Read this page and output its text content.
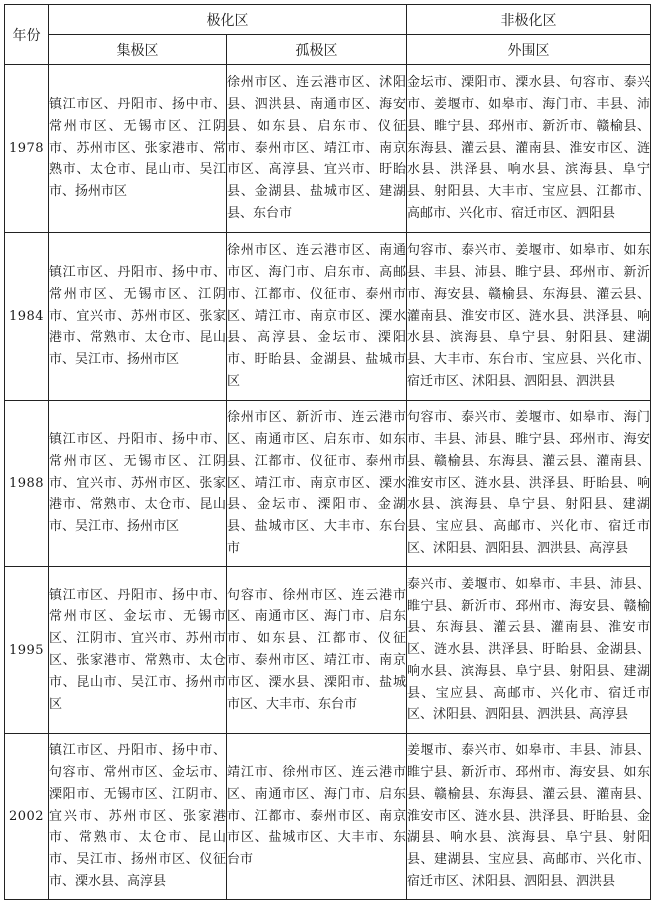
年份	极化区		非极化区
	集极区	孤极区	外围区
1978	镇江市区、丹阳市、扬中市、常州市区、无锡市区、江阴市、苏州市区、张家港市、常熟市、太仓市、昆山市、吴江市、扬州市区	徐州市区、连云港市区、沭阳县、泗洪县、南通市区、海安县、如东县、启东市、仪征市、泰州市区、靖江市、南京市区、高淳县、宜兴市、盱眙县、金湖县、盐城市区、建湖县、东台市	金坛市、溧阳市、溧水县、句容市、泰兴市、姜堰市、如皋市、海门市、丰县、沛县、睢宁县、邳州市、新沂市、赣榆县、东海县、灌云县、灌南县、淮安市区、涟水县、洪泽县、响水县、滨海县、阜宁县、射阳县、大丰市、宝应县、江都市、高邮市、兴化市、宿迁市区、泗阳县
1984	镇江市区、丹阳市、扬中市、常州市区、无锡市区、江阴市、宜兴市、苏州市区、张家港市、常熟市、太仓市、昆山市、吴江市、扬州市区	徐州市区、连云港市区、南通市区、海门市、启东市、高邮市、江都市、仪征市、泰州市区、靖江市、南京市区、溧水县、高淳县、金坛市、溧阳市、盱眙县、金湖县、盐城市区	句容市、泰兴市、姜堰市、如皋市、如东县、丰县、沛县、睢宁县、邳州市、新沂市、海安县、赣榆县、东海县、灌云县、灌南县、淮安市区、涟水县、洪泽县、响水县、滨海县、阜宁县、射阳县、建湖县、大丰市、东台市、宝应县、兴化市、宿迁市区、沭阳县、泗阳县、泗洪县
1988	镇江市区、丹阳市、扬中市、常州市区、无锡市区、江阴市、宜兴市、苏州市区、张家港市、常熟市、太仓市、昆山市、吴江市、扬州市区	徐州市区、新沂市、连云港市区、南通市区、启东市、如东县、江都市、仪征市、泰州市区、靖江市、南京市区、溧水县、金坛市、溧阳市、金湖县、盐城市区、大丰市、东台市	句容市、泰兴市、姜堰市、如皋市、海门市、丰县、沛县、睢宁县、邳州市、海安县、赣榆县、东海县、灌云县、灌南县、淮安市区、涟水县、洪泽县、盱眙县、响水县、滨海县、阜宁县、射阳县、建湖县、宝应县、高邮市、兴化市、宿迁市区、沭阳县、泗阳县、泗洪县、高淳县
1995	镇江市区、丹阳市、扬中市、常州市区、金坛市、无锡市区、江阴市、宜兴市、苏州市区、张家港市、常熟市、太仓市、昆山市、吴江市、扬州市区	句容市、徐州市区、连云港市区、南通市区、海门市、启东市、如东县、江都市、仪征市、泰州市区、靖江市、南京市区、溧水县、溧阳市、盐城市区、大丰市、东台市	泰兴市、姜堰市、如皋市、丰县、沛县、睢宁县、新沂市、邳州市、海安县、赣榆县、东海县、灌云县、灌南县、淮安市区、涟水县、洪泽县、盱眙县、金湖县、响水县、滨海县、阜宁县、射阳县、建湖县、宝应县、高邮市、兴化市、宿迁市区、沭阳县、泗阳县、泗洪县、高淳县
2002	镇江市区、丹阳市、扬中市、句容市、常州市区、金坛市、溧阳市、无锡市区、江阴市、宜兴市、苏州市区、张家港市、常熟市、太仓市、昆山市、吴江市、扬州市区、仪征市、溧水县、高淳县	靖江市、徐州市区、连云港市区、南通市区、海门市、启东市、江都市、泰州市区、南京市区、盐城市区、大丰市、东台市	姜堰市、泰兴市、如皋市、丰县、沛县、睢宁县、新沂市、邳州市、海安县、如东县、赣榆县、东海县、灌云县、灌南县、淮安市区、涟水县、洪泽县、盱眙县、金湖县、响水县、滨海县、阜宁县、射阳县、建湖县、宝应县、高邮市、兴化市、宿迁市区、沭阳县、泗阳县、泗洪县
